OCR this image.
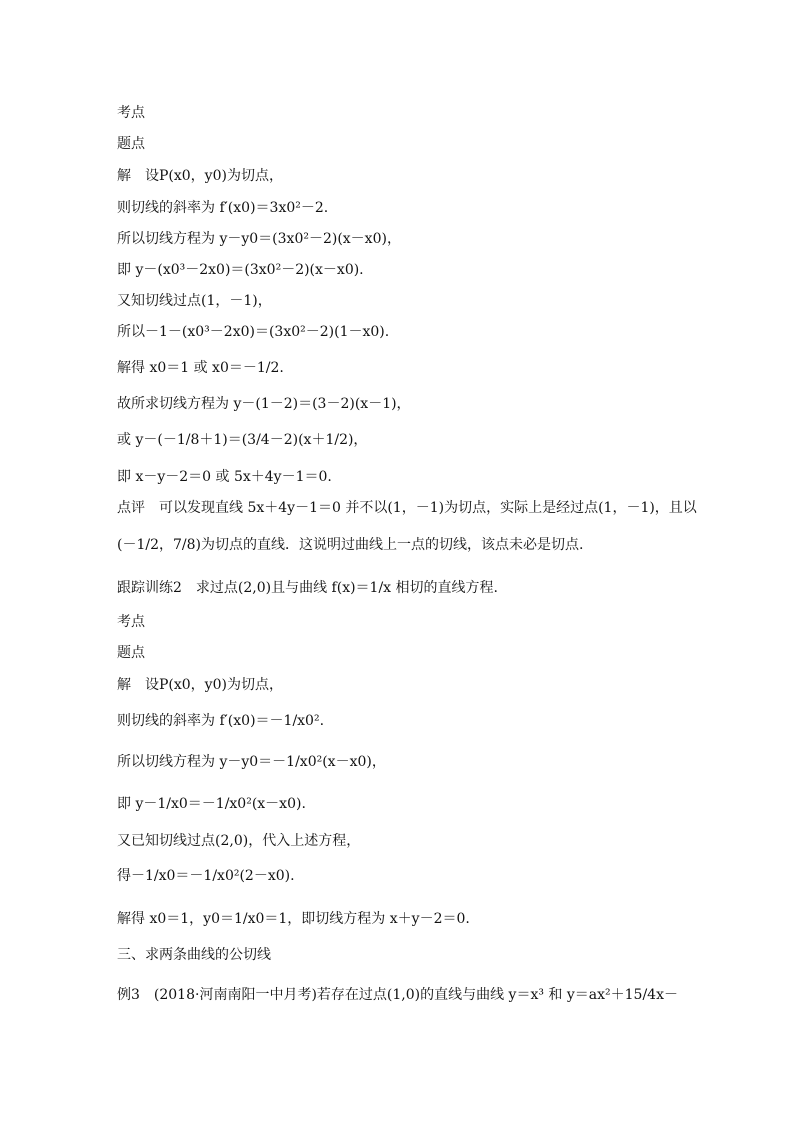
考点
题点
解　设P(x0，y0)为切点，
则切线的斜率为 f′(x0)＝3x0²－2.
所以切线方程为 y－y0＝(3x0²－2)(x－x0)，
即 y－(x0³－2x0)＝(3x0²－2)(x－x0).
又知切线过点(1，－1)，
所以－1－(x0³－2x0)＝(3x0²－2)(1－x0).
解得 x0＝1 或 x0＝－1/2.
故所求切线方程为 y－(1－2)＝(3－2)(x－1)，
或 y－(－1/8＋1)＝(3/4－2)(x＋1/2)，
即 x－y－2＝0 或 5x＋4y－1＝0.
点评　可以发现直线 5x＋4y－1＝0 并不以(1，－1)为切点，实际上是经过点(1，－1)，且以
(－1/2，7/8)为切点的直线．这说明过曲线上一点的切线，该点未必是切点.
跟踪训练2　求过点(2,0)且与曲线 f(x)＝1/x 相切的直线方程.
考点
题点
解　设P(x0，y0)为切点，
则切线的斜率为 f′(x0)＝－1/x0².
所以切线方程为 y－y0＝－1/x0²(x－x0)，
即 y－1/x0＝－1/x0²(x－x0).
又已知切线过点(2,0)，代入上述方程，
得－1/x0＝－1/x0²(2－x0).
解得 x0＝1，y0＝1/x0＝1，即切线方程为 x＋y－2＝0.
三、求两条曲线的公切线
例3　(2018·河南南阳一中月考)若存在过点(1,0)的直线与曲线 y＝x³ 和 y＝ax²＋15/4x－
